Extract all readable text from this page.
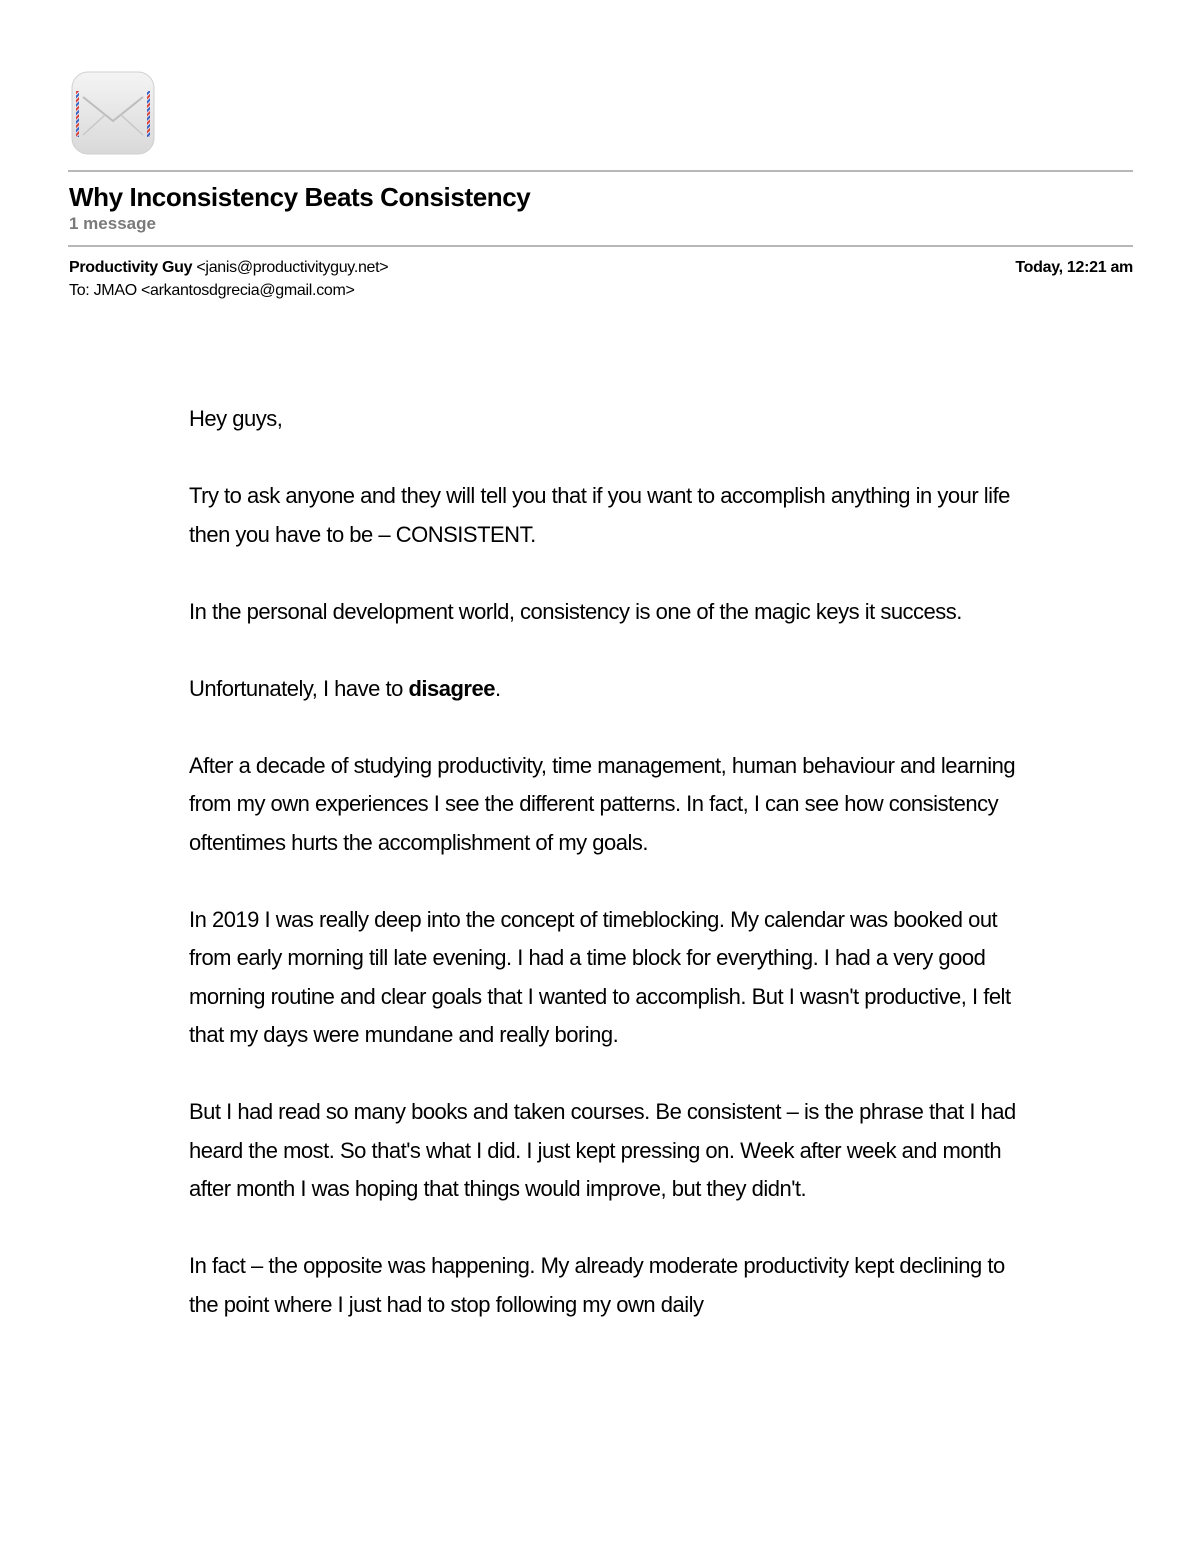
Why Inconsistency Beats Consistency
1 message
Productivity Guy <janis@productivityguy.net>
To: JMAO <arkantosdgrecia@gmail.com>
Today, 12:21 am

Hey guys,

Try to ask anyone and they will tell you that if you want to accomplish anything in your life then you have to be – CONSISTENT.

In the personal development world, consistency is one of the magic keys it success.

Unfortunately, I have to disagree.

After a decade of studying productivity, time management, human behaviour and learning from my own experiences I see the different patterns. In fact, I can see how consistency oftentimes hurts the accomplishment of my goals.

In 2019 I was really deep into the concept of timeblocking. My calendar was booked out from early morning till late evening. I had a time block for everything. I had a very good morning routine and clear goals that I wanted to accomplish. But I wasn't productive, I felt that my days were mundane and really boring.

But I had read so many books and taken courses. Be consistent – is the phrase that I had heard the most. So that's what I did. I just kept pressing on. Week after week and month after month I was hoping that things would improve, but they didn't.

In fact – the opposite was happening. My already moderate productivity kept declining to the point where I just had to stop following my own daily
